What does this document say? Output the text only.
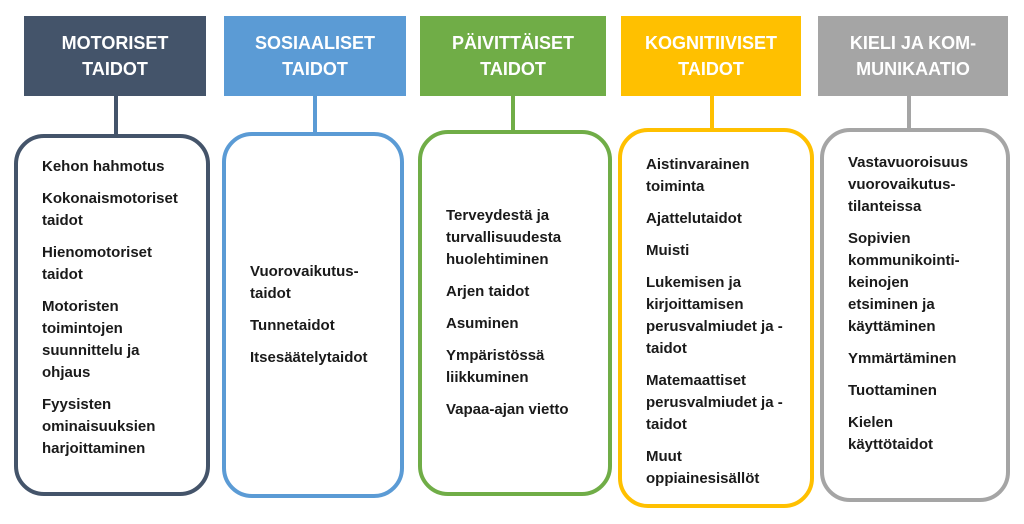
MOTORISET
TAIDOT
Kehon hahmotus
Kokonaismotoriset
taidot
Hienomotoriset
taidot
Motoristen
toimintojen
suunnittelu ja
ohjaus
Fyysisten
ominaisuuksien
harjoittaminen
SOSIAALISET
TAIDOT
Vuorovaikutus-
taidot
Tunnetaidot
Itsesäätelytaidot
PÄIVITTÄISET
TAIDOT
Terveydestä ja
turvallisuudesta
huolehtiminen
Arjen taidot
Asuminen
Ympäristössä
liikkuminen
Vapaa-ajan vietto
KOGNITIIVISET
TAIDOT
Aistinvarainen
toiminta
Ajattelutaidot
Muisti
Lukemisen ja
kirjoittamisen
perusvalmiudet ja -
taidot
Matemaattiset
perusvalmiudet ja -
taidot
Muut
oppiainesisällöt
KIELI JA KOM-
MUNIKAATIO
Vastavuoroisuus
vuorovaikutus-
tilanteissa
Sopivien
kommunikointi-
keinojen
etsiminen ja
käyttäminen
Ymmärtäminen
Tuottaminen
Kielen
käyttötaidot
